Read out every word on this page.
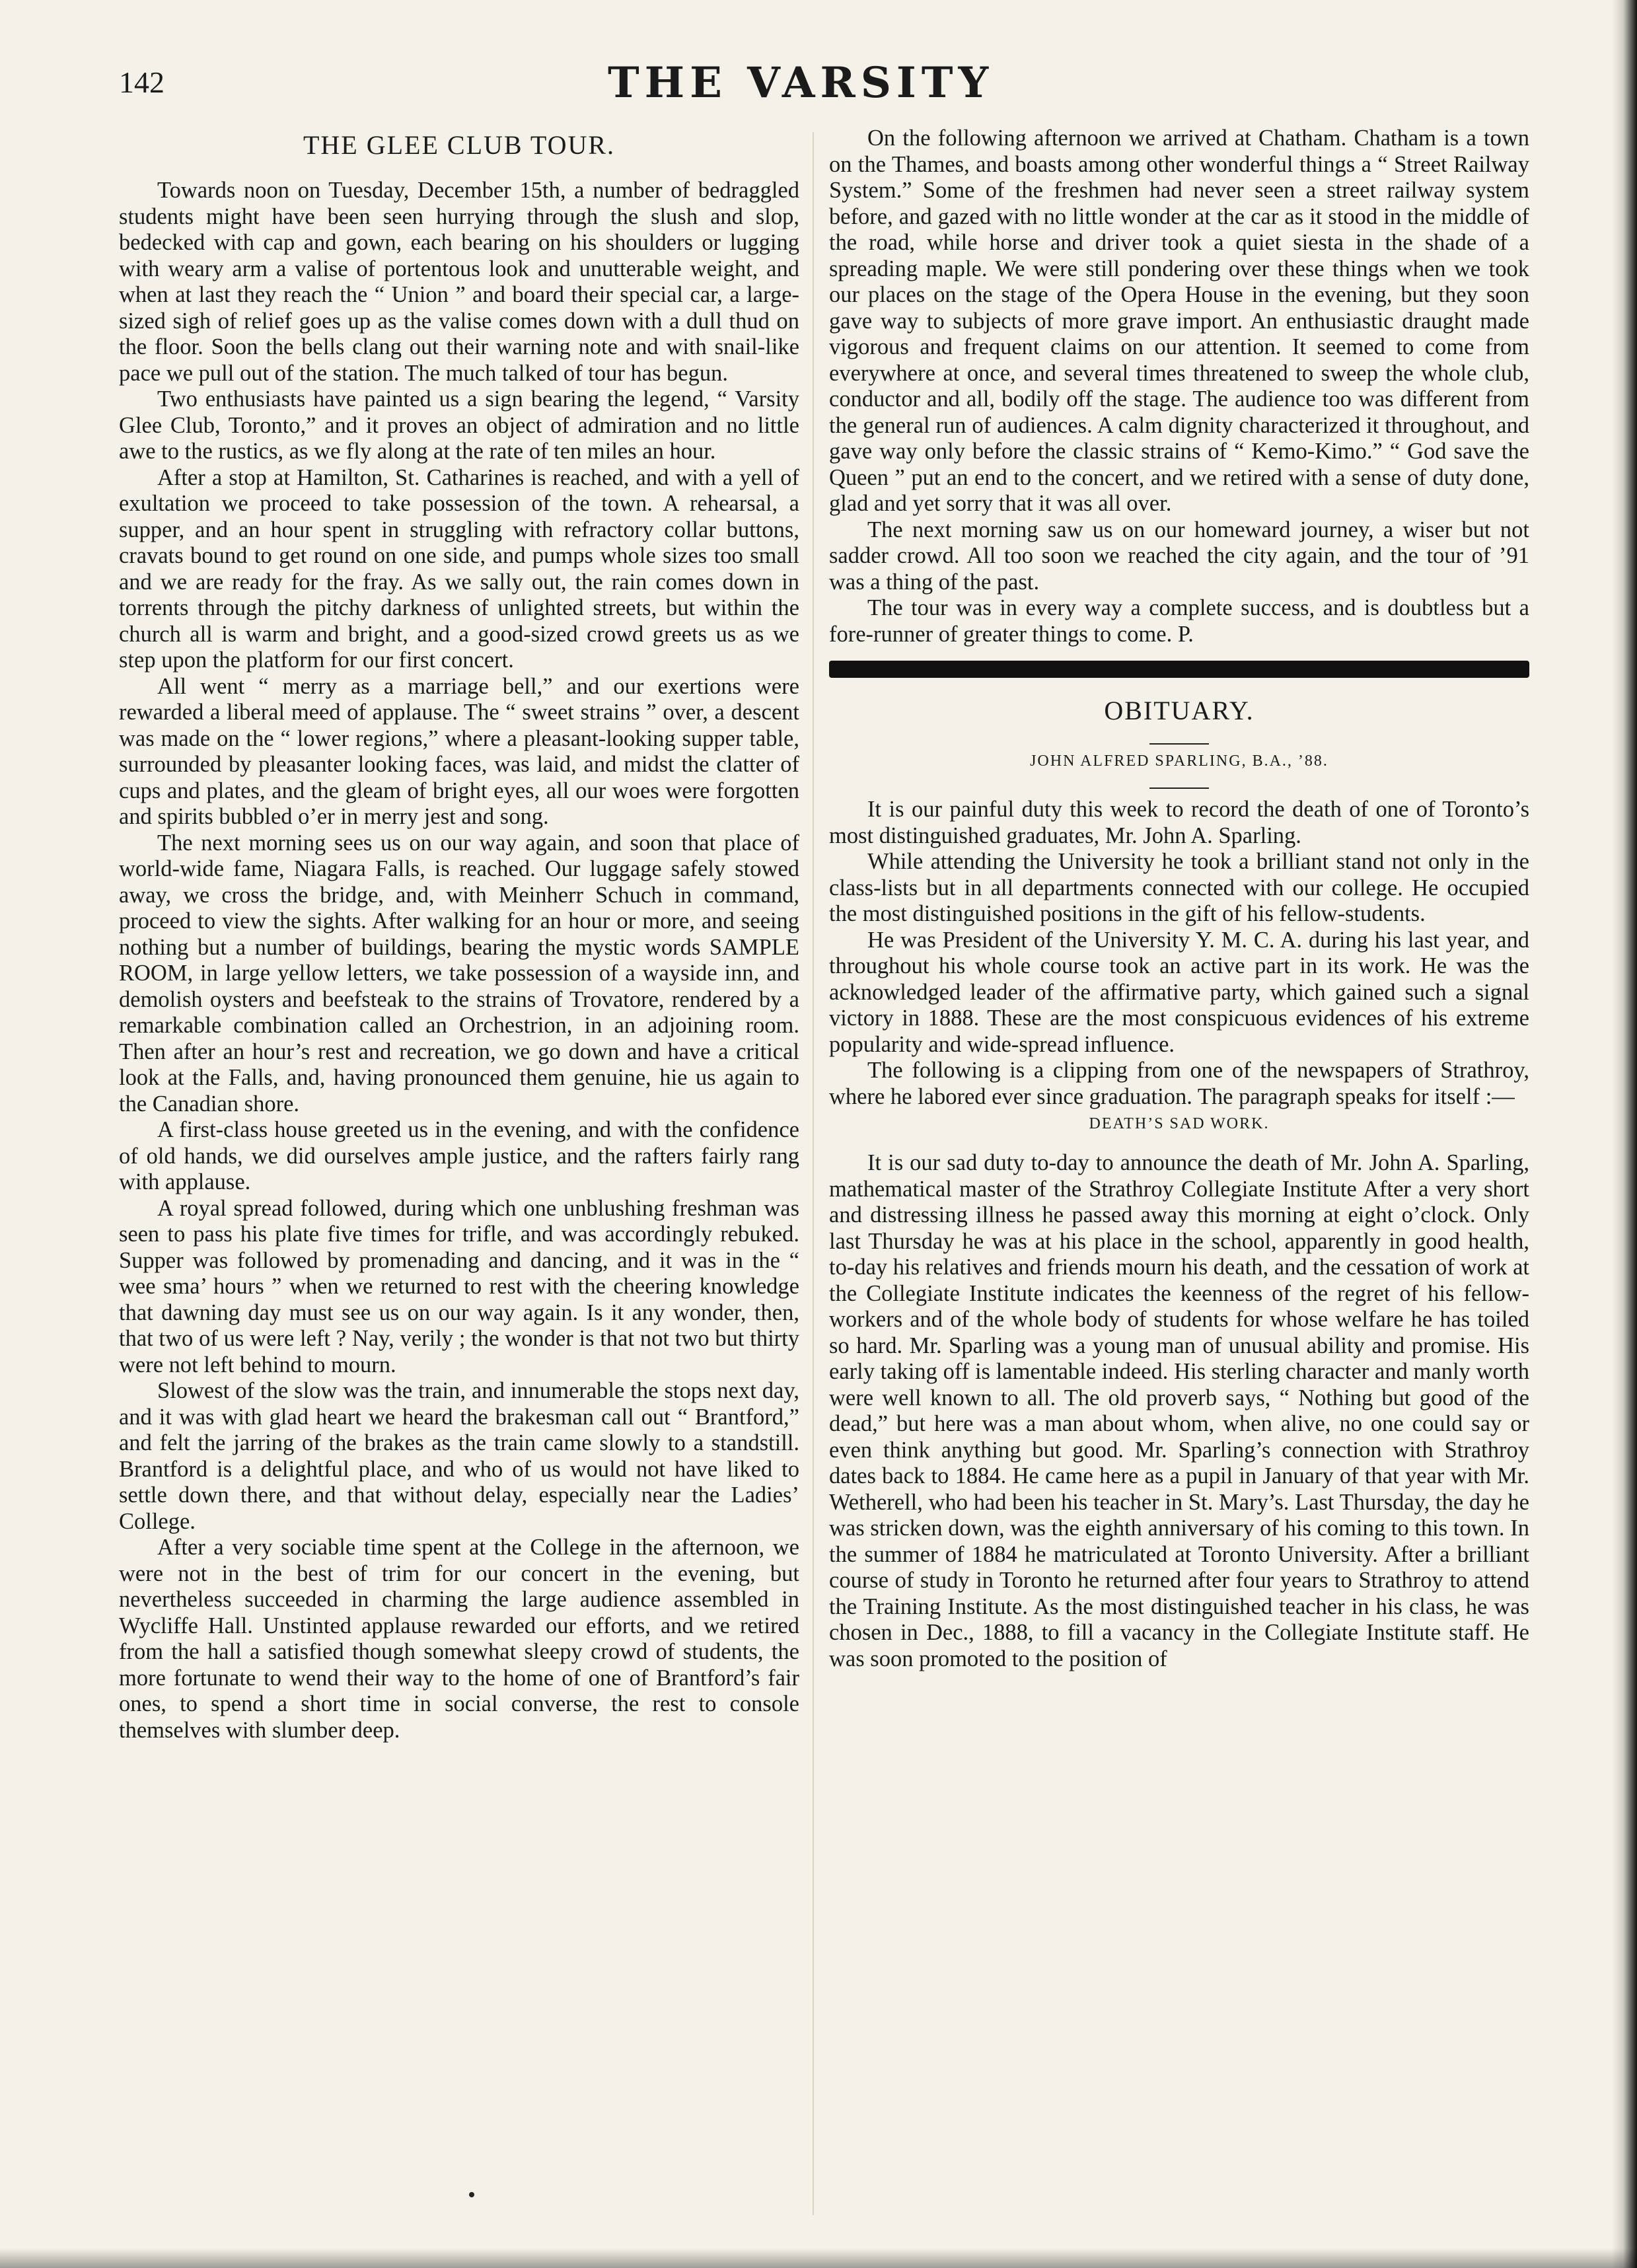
142	THE VARSITY
THE GLEE CLUB TOUR.

Towards noon on Tuesday, December 15th, a number of bedraggled students might have been seen hurrying through the slush and slop, bedecked with cap and gown, each bearing on his shoulders or lugging with weary arm a valise of portentous look and unutterable weight, and when at last they reach the “ Union ” and board their special car, a large-sized sigh of relief goes up as the valise comes down with a dull thud on the floor. Soon the bells clang out their warning note and with snail-like pace we pull out of the station. The much talked of tour has begun.

Two enthusiasts have painted us a sign bearing the legend, “ Varsity Glee Club, Toronto,” and it proves an object of admiration and no little awe to the rustics, as we fly along at the rate of ten miles an hour.

After a stop at Hamilton, St. Catharines is reached, and with a yell of exultation we proceed to take possession of the town. A rehearsal, a supper, and an hour spent in struggling with refractory collar buttons, cravats bound to get round on one side, and pumps whole sizes too small and we are ready for the fray. As we sally out, the rain comes down in torrents through the pitchy darkness of unlighted streets, but within the church all is warm and bright, and a good-sized crowd greets us as we step upon the platform for our first concert.

All went “ merry as a marriage bell,” and our exertions were rewarded a liberal meed of applause. The “ sweet strains ” over, a descent was made on the “ lower regions,” where a pleasant-looking supper table, surrounded by pleasanter looking faces, was laid, and midst the clatter of cups and plates, and the gleam of bright eyes, all our woes were forgotten and spirits bubbled o’er in merry jest and song.

The next morning sees us on our way again, and soon that place of world-wide fame, Niagara Falls, is reached. Our luggage safely stowed away, we cross the bridge, and, with Meinherr Schuch in command, proceed to view the sights. After walking for an hour or more, and seeing nothing but a number of buildings, bearing the mystic words SAMPLE ROOM, in large yellow letters, we take possession of a wayside inn, and demolish oysters and beefsteak to the strains of Trovatore, rendered by a remarkable combination called an Orchestrion, in an adjoining room. Then after an hour’s rest and recreation, we go down and have a critical look at the Falls, and, having pronounced them genuine, hie us again to the Canadian shore.

A first-class house greeted us in the evening, and with the confidence of old hands, we did ourselves ample justice, and the rafters fairly rang with applause.

A royal spread followed, during which one unblushing freshman was seen to pass his plate five times for trifle, and was accordingly rebuked. Supper was followed by promenading and dancing, and it was in the “ wee sma’ hours ” when we returned to rest with the cheering knowledge that dawning day must see us on our way again. Is it any wonder, then, that two of us were left ? Nay, verily ; the wonder is that not two but thirty were not left behind to mourn.

Slowest of the slow was the train, and innumerable the stops next day, and it was with glad heart we heard the brakesman call out “ Brantford,” and felt the jarring of the brakes as the train came slowly to a standstill. Brantford is a delightful place, and who of us would not have liked to settle down there, and that without delay, especially near the Ladies’ College.

After a very sociable time spent at the College in the afternoon, we were not in the best of trim for our concert in the evening, but nevertheless succeeded in charming the large audience assembled in Wycliffe Hall. Unstinted applause rewarded our efforts, and we retired from the hall a satisfied though somewhat sleepy crowd of students, the more fortunate to wend their way to the home of one of Brantford’s fair ones, to spend a short time in social converse, the rest to console themselves with slumber deep.

On the following afternoon we arrived at Chatham. Chatham is a town on the Thames, and boasts among other wonderful things a “ Street Railway System.” Some of the freshmen had never seen a street railway system before, and gazed with no little wonder at the car as it stood in the middle of the road, while horse and driver took a quiet siesta in the shade of a spreading maple. We were still pondering over these things when we took our places on the stage of the Opera House in the evening, but they soon gave way to subjects of more grave import. An enthusiastic draught made vigorous and frequent claims on our attention. It seemed to come from everywhere at once, and several times threatened to sweep the whole club, conductor and all, bodily off the stage. The audience too was different from the general run of audiences. A calm dignity characterized it throughout, and gave way only before the classic strains of “ Kemo-Kimo.” “ God save the Queen ” put an end to the concert, and we retired with a sense of duty done, glad and yet sorry that it was all over.

The next morning saw us on our homeward journey, a wiser but not sadder crowd. All too soon we reached the city again, and the tour of ’91 was a thing of the past.

The tour was in every way a complete success, and is doubtless but a fore-runner of greater things to come. P.

OBITUARY.
JOHN ALFRED SPARLING, B.A., ’88.

It is our painful duty this week to record the death of one of Toronto’s most distinguished graduates, Mr. John A. Sparling.

While attending the University he took a brilliant stand not only in the class-lists but in all departments connected with our college. He occupied the most distinguished positions in the gift of his fellow-students.

He was President of the University Y. M. C. A. during his last year, and throughout his whole course took an active part in its work. He was the acknowledged leader of the affirmative party, which gained such a signal victory in 1888. These are the most conspicuous evidences of his extreme popularity and wide-spread influence.

The following is a clipping from one of the newspapers of Strathroy, where he labored ever since graduation. The paragraph speaks for itself :—

DEATH’S SAD WORK.

It is our sad duty to-day to announce the death of Mr. John A. Sparling, mathematical master of the Strathroy Collegiate Institute After a very short and distressing illness he passed away this morning at eight o’clock. Only last Thursday he was at his place in the school, apparently in good health, to-day his relatives and friends mourn his death, and the cessation of work at the Collegiate Institute indicates the keenness of the regret of his fellow-workers and of the whole body of students for whose welfare he has toiled so hard. Mr. Sparling was a young man of unusual ability and promise. His early taking off is lamentable indeed. His sterling character and manly worth were well known to all. The old proverb says, “ Nothing but good of the dead,” but here was a man about whom, when alive, no one could say or even think anything but good. Mr. Sparling’s connection with Strathroy dates back to 1884. He came here as a pupil in January of that year with Mr. Wetherell, who had been his teacher in St. Mary’s. Last Thursday, the day he was stricken down, was the eighth anniversary of his coming to this town. In the summer of 1884 he matriculated at Toronto University. After a brilliant course of study in Toronto he returned after four years to Strathroy to attend the Training Institute. As the most distinguished teacher in his class, he was chosen in Dec., 1888, to fill a vacancy in the Collegiate Institute staff. He was soon promoted to the position of
